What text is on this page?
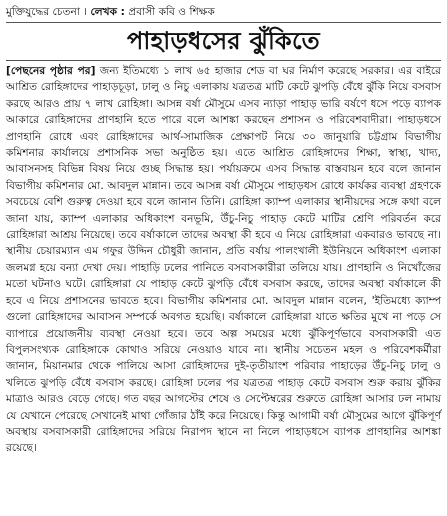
মুক্তিযুদ্ধের চেতনা । লেখক : প্রবাসী কবি ও শিক্ষক
পাহাড়ধসের ঝুঁকিতে

[পেছনের পৃষ্ঠার পর] জন্য ইতিমধ্যে ১ লাখ ৬৫ হাজার শেড বা ঘর নির্মাণ করেছে সরকার। এর বাইরে আশ্রিত রোহিঙ্গাদের পাহাড়চূড়া, ঢালু ও নিচু এলাকায় যত্রতত্র মাটি কেটে ঝুপড়ি বেঁধে ঝুঁকি নিয়ে বসবাস করছে আরও প্রায় ৭ লাখ রোহিঙ্গা। আসন্ন বর্ষা মৌসুমে এসব ন্যাড়া পাহাড় ভারি বর্ষণে ধসে পড়ে ব্যাপক আকারে রোহিঙ্গাদের প্রাণহানি হতে পারে বলে আশঙ্কা করছেন প্রশাসন ও পরিবেশবাদীরা। পাহাড়ধসে প্রাণহানি রোধে এবং রোহিঙ্গাদের আর্থ-সামাজিক প্রেক্ষাপট নিয়ে ৩০ জানুয়ারি চট্টগ্রাম বিভাগীয় কমিশনার কার্যালয়ে প্রশাসনিক সভা অনুষ্ঠিত হয়। এতে আশ্রিত রোহিঙ্গাদের শিক্ষা, স্বাস্থ্য, খাদ্য, আবাসনসহ বিভিন্ন বিষয় নিয়ে গুচ্ছ সিদ্ধান্ত হয়। পর্যায়ক্রমে এসব সিদ্ধান্ত বাস্তবায়ন হবে বলে জানান বিভাগীয় কমিশনার মো. আবদুল মান্নান। তবে আসন্ন বর্ষা মৌসুমে পাহাড়ধস রোধে কার্যকর ব্যবস্থা গ্রহণকে সবচেয়ে বেশি গুরুত্ব দেওয়া হবে বলে জানান তিনি। রোহিঙ্গা ক্যাম্প এলাকার স্থানীয়দের সঙ্গে কথা বলে জানা যায়, ক্যাম্প এলাকার অধিকাংশ বনভূমি, উঁচু-নিচু পাহাড় কেটে মাটির শ্রেণি পরিবর্তন করে রোহিঙ্গারা আশ্রয় নিয়েছে। তবে বর্ষাকালে তাদের অবস্থা কী হবে এ নিয়ে রোহিঙ্গারা একবারও ভাবছে না। স্থানীয় চেয়ারম্যান এম গফুর উদ্দিন চৌধুরী জানান, প্রতি বর্ষায় পালংখালী ইউনিয়নে অধিকাংশ এলাকা জলমগ্ন হয়ে বন্যা দেখা দেয়। পাহাড়ি ঢলের পানিতে বসবাসকারীরা তলিয়ে যায়। প্রাণহানি ও নিখোঁজের মতো ঘটনাও ঘটে। রোহিঙ্গারা যে পাহাড় কেটে ঝুপড়ি বেঁধে বসবাস করছে, তাদের অবস্থা বর্ষাকালে কী হবে এ নিয়ে প্রশাসনের ভাবতে হবে। বিভাগীয় কমিশনার মো. আবদুল মান্নান বলেন, 'ইতিমধ্যে ক্যাম্প গুলো রোহিঙ্গাদের আবাসন সম্পর্কে অবগত হয়েছি। বর্ষাকালে রোহিঙ্গারা যাতে ক্ষতির মুখে না পড়ে সে ব্যাপারে প্রয়োজনীয় ব্যবস্থা নেওয়া হবে। তবে অল্প সময়ের মধ্যে ঝুঁকিপূর্ণভাবে বসবাসকারী এত বিপুলসংখ্যক রোহিঙ্গাকে কোথাও সরিয়ে নেওয়াও যাবে না। স্থানীয় সচেতন মহল ও পরিবেশকর্মীরা জানান, মিয়ানমার থেকে পালিয়ে আসা রোহিঙ্গাদের দুই-তৃতীয়াংশ পরিবার পাহাড়ের উঁচু-নিচু ঢালু ও খলিতে ঝুপড়ি বেঁধে বসবাস করছে। রোহিঙ্গা ঢলের পর যত্রতত্র পাহাড় কেটে বসবাস শুরু করায় ঝুঁকির মাত্রাও আরও বেড়ে গেছে। গত বছর আগস্টের শেষে ও সেপ্টেম্বরের শুরুতে রোহিঙ্গা আসার ঢল নামায় যে যেখানে পেরেছে সেখানেই মাথা গোঁজার ঠাঁই করে নিয়েছে। কিন্তু আগামী বর্ষা মৌসুমের আগে ঝুঁকিপূর্ণ অবস্থায় বসবাসকারী রোহিঙ্গাদের সরিয়ে নিরাপদ স্থানে না নিলে পাহাড়ধসে ব্যাপক প্রাণহানির আশঙ্কা রয়েছে।
